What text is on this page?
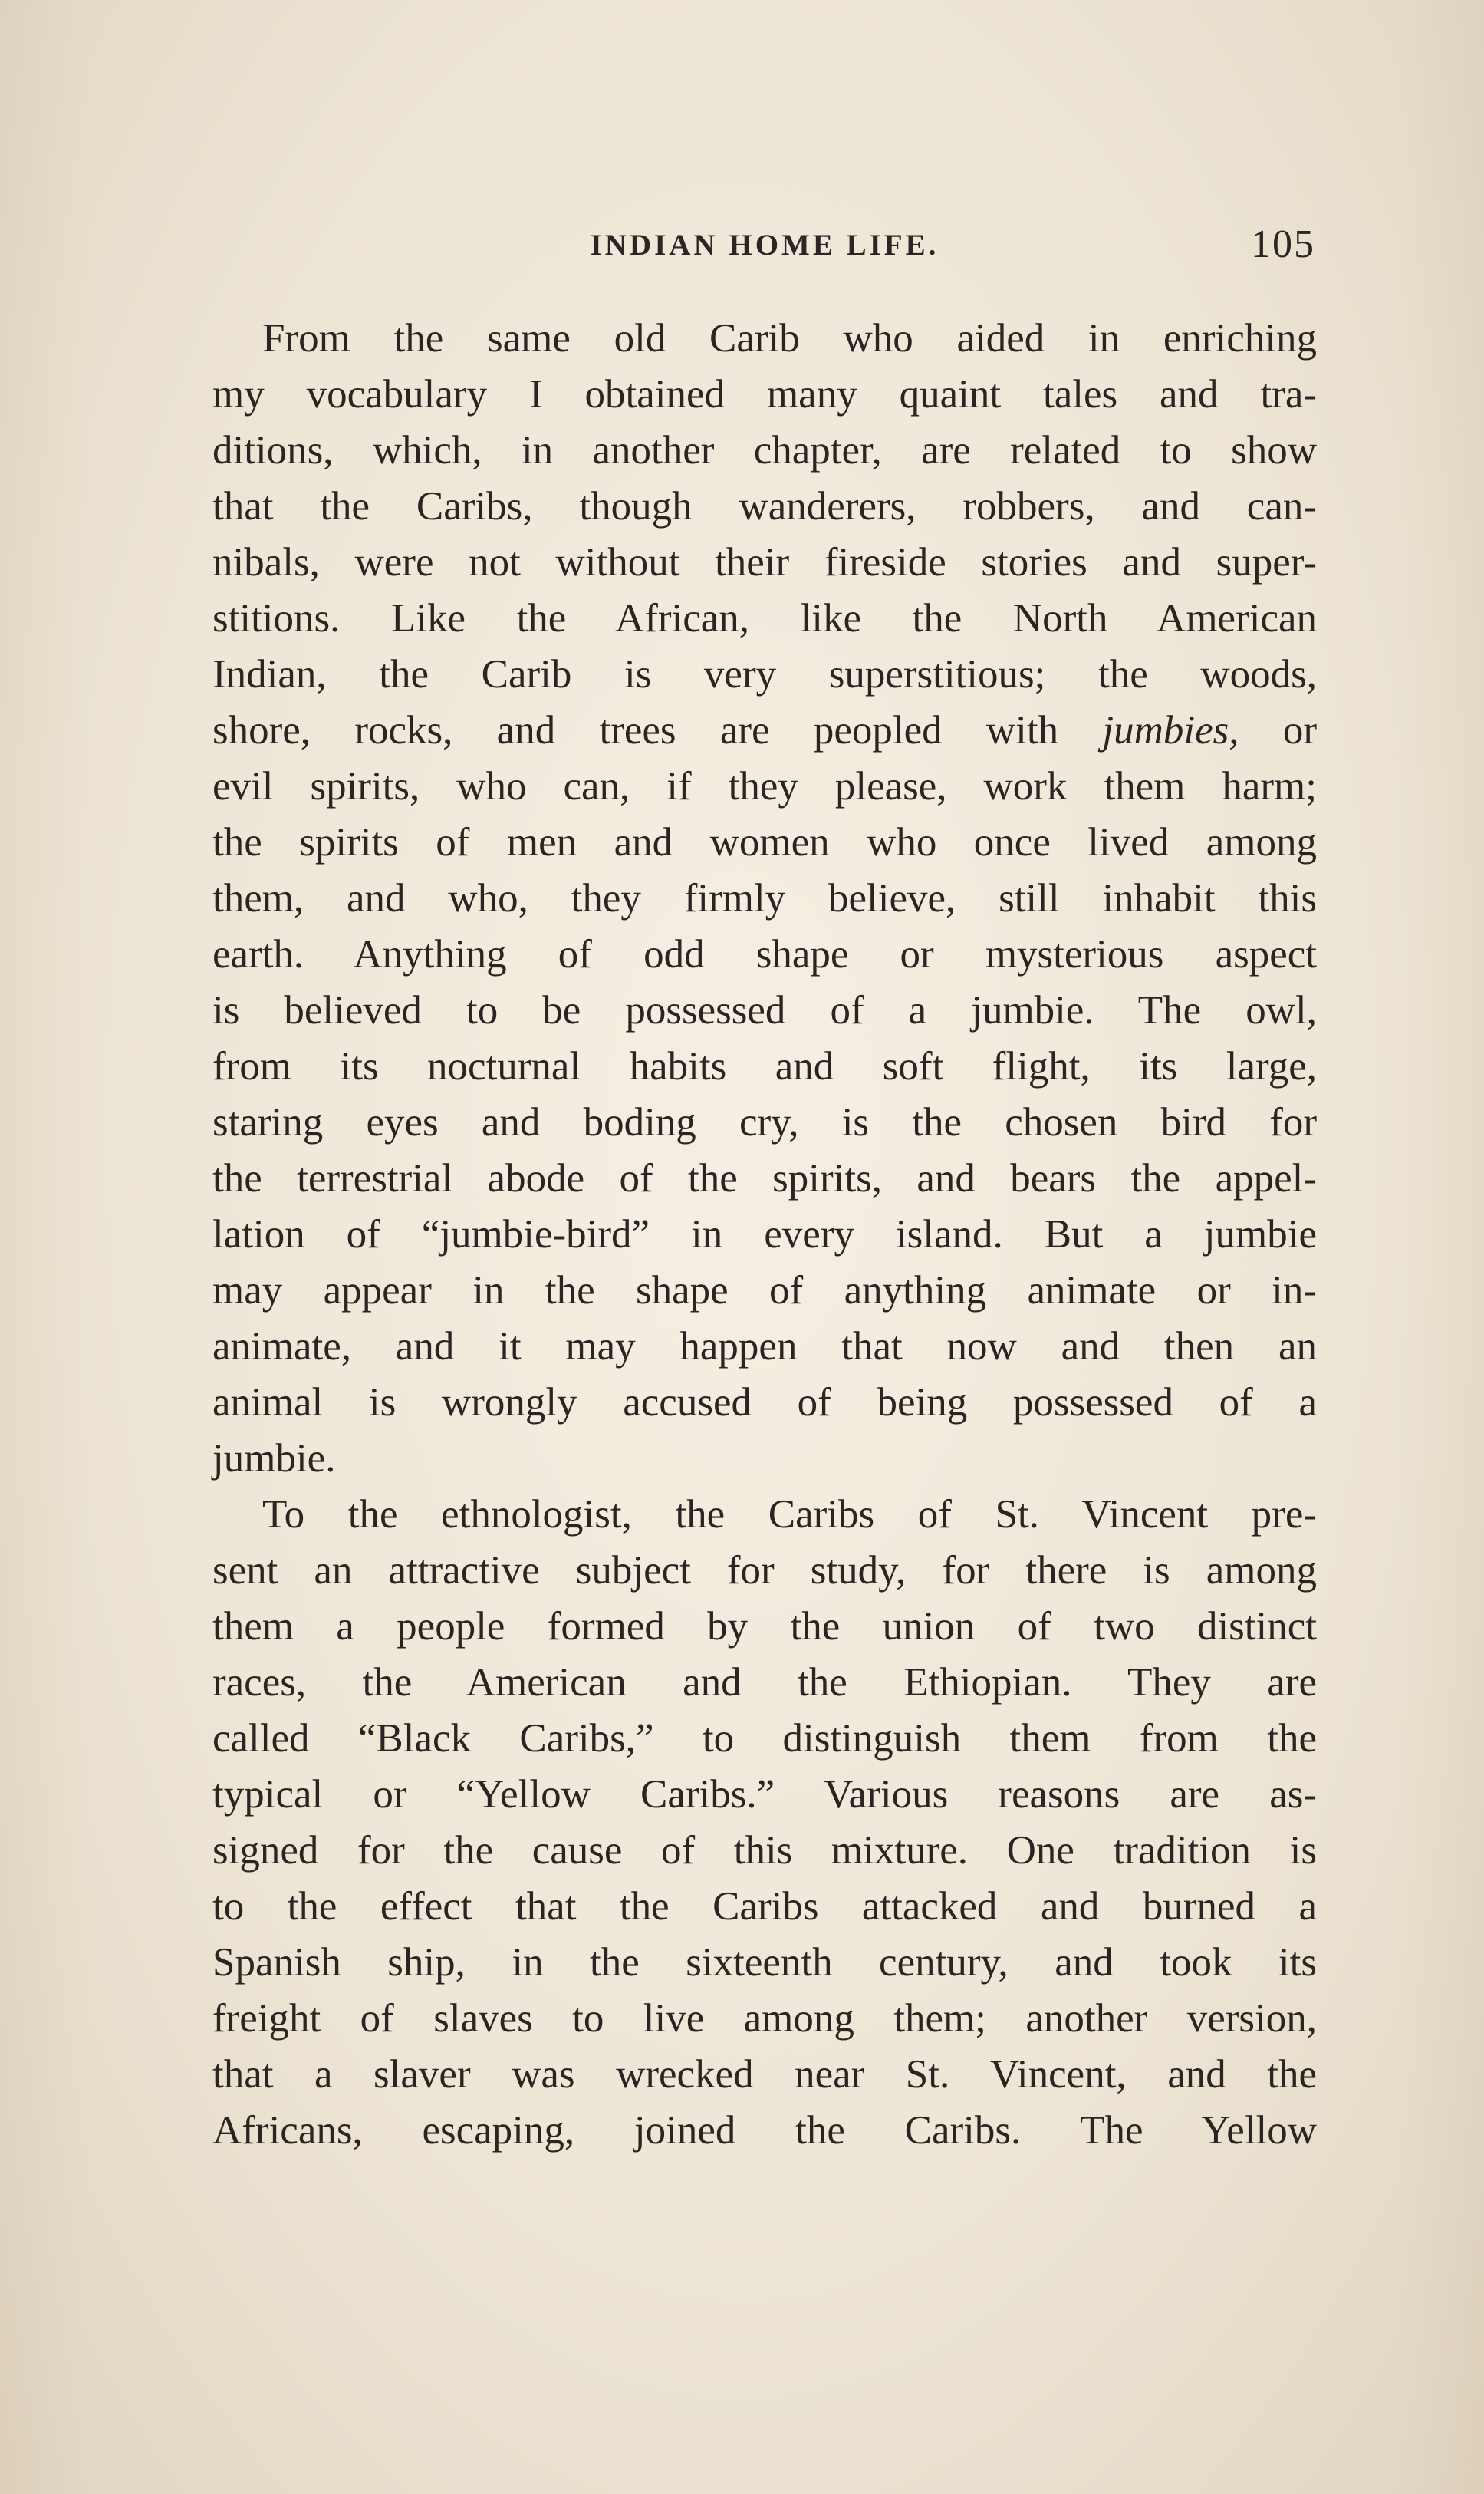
INDIAN HOME LIFE.	105
From the same old Carib who aided in enriching
my vocabulary I obtained many quaint tales and tra-
ditions, which, in another chapter, are related to show
that the Caribs, though wanderers, robbers, and can-
nibals, were not without their fireside stories and super-
stitions. Like the African, like the North American
Indian, the Carib is very superstitious; the woods,
shore, rocks, and trees are peopled with jumbies, or
evil spirits, who can, if they please, work them harm;
the spirits of men and women who once lived among
them, and who, they firmly believe, still inhabit this
earth. Anything of odd shape or mysterious aspect
is believed to be possessed of a jumbie. The owl,
from its nocturnal habits and soft flight, its large,
staring eyes and boding cry, is the chosen bird for
the terrestrial abode of the spirits, and bears the appel-
lation of “jumbie-bird” in every island. But a jumbie
may appear in the shape of anything animate or in-
animate, and it may happen that now and then an
animal is wrongly accused of being possessed of a
jumbie.
To the ethnologist, the Caribs of St. Vincent pre-
sent an attractive subject for study, for there is among
them a people formed by the union of two distinct
races, the American and the Ethiopian. They are
called “Black Caribs,” to distinguish them from the
typical or “Yellow Caribs.” Various reasons are as-
signed for the cause of this mixture. One tradition is
to the effect that the Caribs attacked and burned a
Spanish ship, in the sixteenth century, and took its
freight of slaves to live among them; another version,
that a slaver was wrecked near St. Vincent, and the
Africans, escaping, joined the Caribs. The Yellow
